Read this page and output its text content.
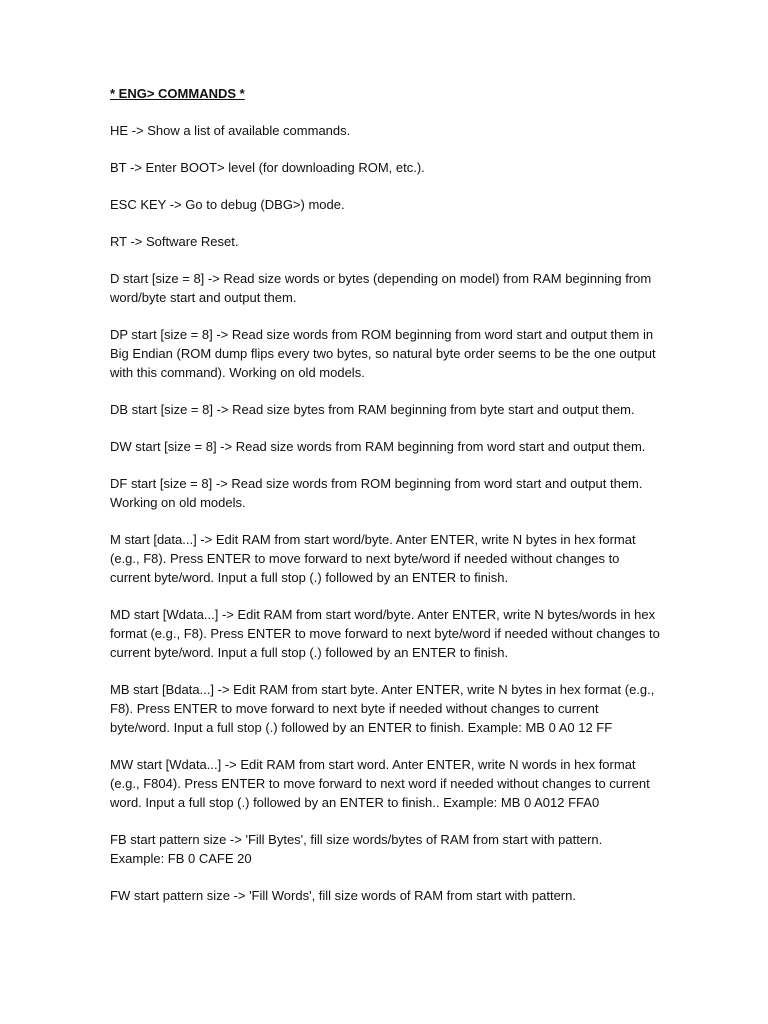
* ENG> COMMANDS *

HE -> Show a list of available commands.

BT -> Enter BOOT> level (for downloading ROM, etc.).

ESC KEY -> Go to debug (DBG>) mode.

RT -> Software Reset.

D start [size = 8] -> Read size words or bytes (depending on model) from RAM beginning from word/byte start and output them.

DP start [size = 8] -> Read size words from ROM beginning from word start and output them in Big Endian (ROM dump flips every two bytes, so natural byte order seems to be the one output with this command). Working on old models.

DB start [size = 8] -> Read size bytes from RAM beginning from byte start and output them.

DW start [size = 8] -> Read size words from RAM beginning from word start and output them.

DF start [size = 8] -> Read size words from ROM beginning from word start and output them. Working on old models.

M start [data...] -> Edit RAM from start word/byte. Anter ENTER, write N bytes in hex format (e.g., F8). Press ENTER to move forward to next byte/word if needed without changes to current byte/word. Input a full stop (.) followed by an ENTER to finish.

MD start [Wdata...] -> Edit RAM from start word/byte. Anter ENTER, write N bytes/words in hex format (e.g., F8). Press ENTER to move forward to next byte/word if needed without changes to current byte/word. Input a full stop (.) followed by an ENTER to finish.

MB start [Bdata...] -> Edit RAM from start byte. Anter ENTER, write N bytes in hex format (e.g., F8). Press ENTER to move forward to next byte if needed without changes to current byte/word. Input a full stop (.) followed by an ENTER to finish. Example: MB 0 A0 12 FF

MW start [Wdata...] -> Edit RAM from start word. Anter ENTER, write N words in hex format (e.g., F804). Press ENTER to move forward to next word if needed without changes to current word. Input a full stop (.) followed by an ENTER to finish.. Example: MB 0 A012 FFA0

FB start pattern size -> 'Fill Bytes', fill size words/bytes of RAM from start with pattern. Example: FB 0 CAFE 20

FW start pattern size -> 'Fill Words', fill size words of RAM from start with pattern.
